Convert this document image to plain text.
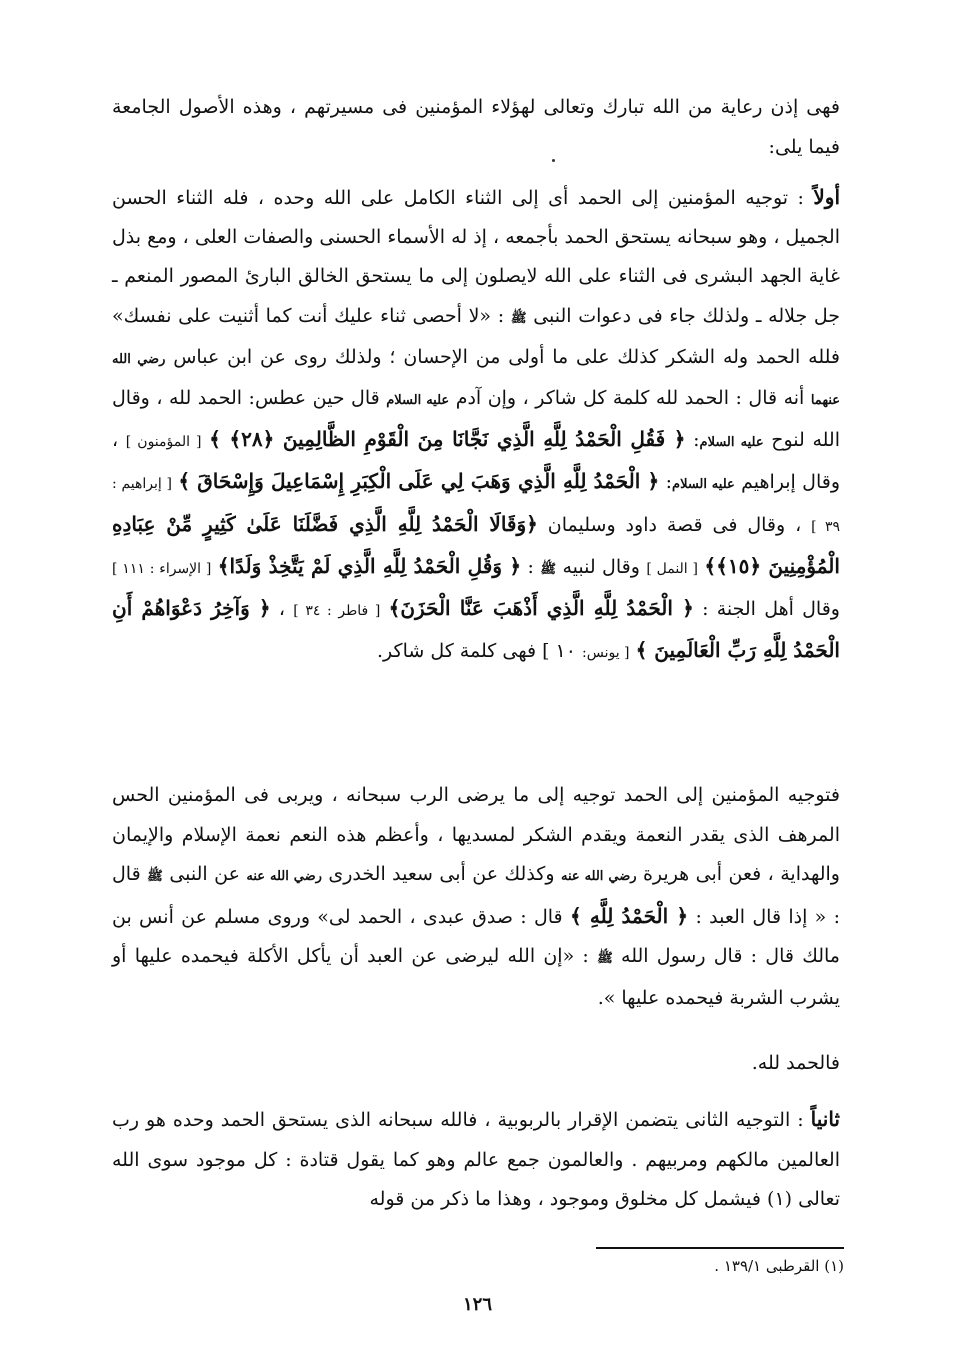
فهى إذن رعاية من الله تبارك وتعالى لهؤلاء المؤمنين فى مسيرتهم ، وهذه الأصول الجامعة فيما يلى:

أولاً : توجيه المؤمنين إلى الحمد أى إلى الثناء الكامل على الله وحده ، فله الثناء الحسن الجميل ، وهو سبحانه يستحق الحمد بأجمعه ، إذ له الأسماء الحسنى والصفات العلى ، ومع بذل غاية الجهد البشرى فى الثناء على الله لايصلون إلى ما يستحق الخالق البارئ المصور المنعم ـ جل جلاله ـ ولذلك جاء فى دعوات النبى ﷺ : «لا أحصى ثناء عليك أنت كما أثنيت على نفسك» فلله الحمد وله الشكر كذلك على ما أولى من الإحسان ؛ ولذلك روى عن ابن عباس رضي الله عنهما أنه قال : الحمد لله كلمة كل شاكر ، وإن آدم عليه السلام قال حين عطس: الحمد لله ، وقال الله لنوح عليه السلام: ﴿ فَقُلِ الْحَمْدُ لِلَّهِ الَّذِي نَجَّانَا مِنَ الْقَوْمِ الظَّالِمِينَ ﴿٢٨﴾ ﴾ [ المؤمنون ] ، وقال إبراهيم عليه السلام: ﴿ الْحَمْدُ لِلَّهِ الَّذِي وَهَبَ لِي عَلَى الْكِبَرِ إِسْمَاعِيلَ وَإِسْحَاقَ ﴾ [ إبراهيم : ٣٩ ] ، وقال فى قصة داود وسليمان ﴿وَقَالَا الْحَمْدُ لِلَّهِ الَّذِي فَضَّلَنَا عَلَىٰ كَثِيرٍ مِّنْ عِبَادِهِ الْمُؤْمِنِينَ ﴿١٥﴾﴾ [ النمل ] وقال لنبيه ﷺ : ﴿ وَقُلِ الْحَمْدُ لِلَّهِ الَّذِي لَمْ يَتَّخِذْ وَلَدًا﴾ [ الإسراء : ١١١ ] وقال أهل الجنة : ﴿ الْحَمْدُ لِلَّهِ الَّذِي أَذْهَبَ عَنَّا الْحَزَنَ﴾ [ فاطر : ٣٤ ] ، ﴿ وَآخِرُ دَعْوَاهُمْ أَنِ الْحَمْدُ لِلَّهِ رَبِّ الْعَالَمِينَ ﴾ [ يونس: ١٠ ] فهى كلمة كل شاكر.

فتوجيه المؤمنين إلى الحمد توجيه إلى ما يرضى الرب سبحانه ، ويربى فى المؤمنين الحس المرهف الذى يقدر النعمة ويقدم الشكر لمسديها ، وأعظم هذه النعم نعمة الإسلام والإيمان والهداية ، فعن أبى هريرة رضي الله عنه وكذلك عن أبى سعيد الخدرى رضي الله عنه عن النبى ﷺ قال : « إذا قال العبد : ﴿ الْحَمْدُ لِلَّهِ ﴾ قال : صدق عبدى ، الحمد لى» وروى مسلم عن أنس بن مالك قال : قال رسول الله ﷺ : «إن الله ليرضى عن العبد أن يأكل الأكلة فيحمده عليها أو يشرب الشربة فيحمده عليها ».

فالحمد لله.

ثانياً : التوجيه الثانى يتضمن الإقرار بالربوبية ، فالله سبحانه الذى يستحق الحمد وحده هو رب العالمين مالكهم ومربيهم . والعالمون جمع عالم وهو كما يقول قتادة : كل موجود سوى الله تعالى (١) فيشمل كل مخلوق وموجود ، وهذا ما ذكر من قوله

(١) القرطبى ١٣٩/١ .

١٢٦
